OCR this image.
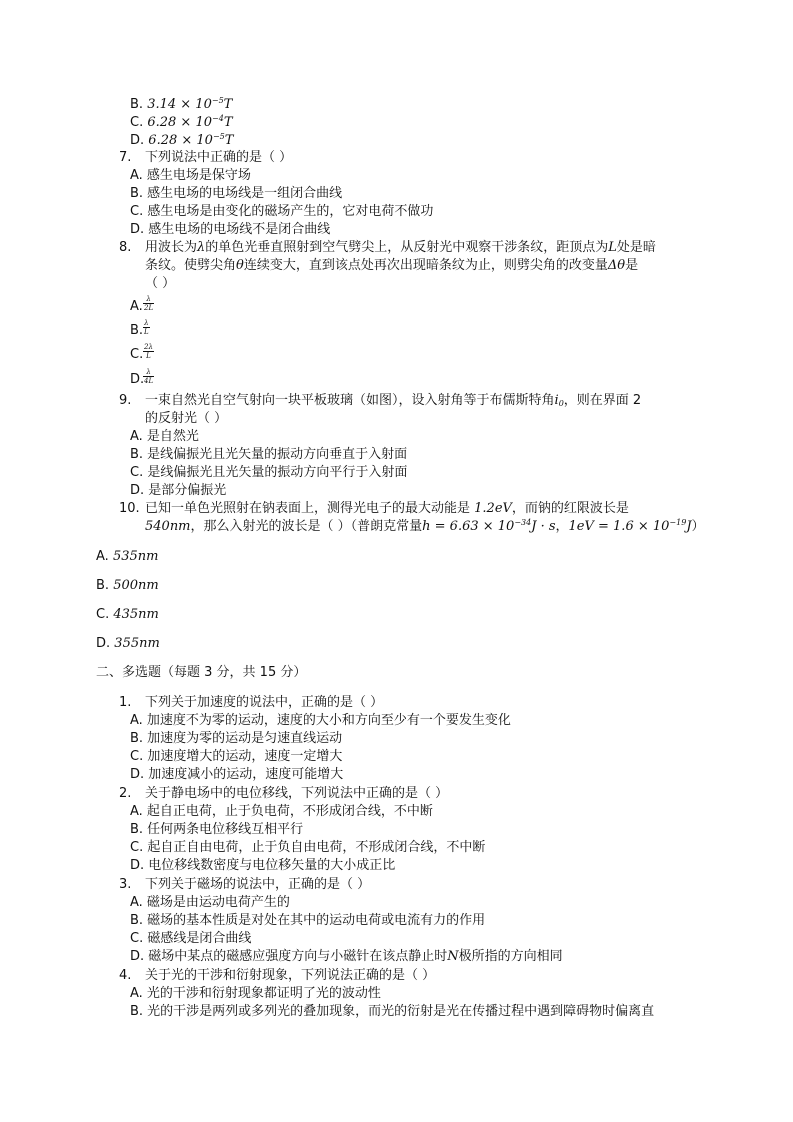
B. $3.14 \times 10^{-5}T$
C. $6.28 \times 10^{-4}T$
D. $6.28 \times 10^{-5}T$
7. 下列说法中正确的是（ ）
A. 感生电场是保守场
B. 感生电场的电场线是一组闭合曲线
C. 感生电场是由变化的磁场产生的，它对电荷不做功
D. 感生电场的电场线不是闭合曲线
8. 用波长为λ的单色光垂直照射到空气劈尖上，从反射光中观察干涉条纹，距顶点为L处是暗
条纹。使劈尖角θ连续变大，直到该点处再次出现暗条纹为止，则劈尖角的改变量Δθ是
（ ）
A. $\frac{\lambda}{2L}$
B. $\frac{\lambda}{L}$
C. $\frac{2\lambda}{L}$
D.
$\frac{\lambda}{4L}$
9. 一束自然光自空气射向一块平板玻璃（如图），设入射角等于布儒斯特角$i_0$，则在界面 2
的反射光（ ）
A. 是自然光
B. 是线偏振光且光矢量的振动方向垂直于入射面
C. 是线偏振光且光矢量的振动方向平行于入射面
D. 是部分偏振光
10. 已知一单色光照射在钠表面上，测得光电子的最大动能是 1.2eV，而钠的红限波长是
540nm，那么入射光的波长是（ ）（普朗克常量$h = 6.63 \times 10^{-34}J \cdot s$，$1eV = 1.6 \times 10^{-19}J$）
A. 535nm
B. 500nm
C. 435nm
D. 355nm
二、多选题（每题 3 分，共 15 分）
1. 下列关于加速度的说法中，正确的是（ ）
A. 加速度不为零的运动，速度的大小和方向至少有一个要发生变化
B. 加速度为零的运动是匀速直线运动
C. 加速度增大的运动，速度一定增大
D. 加速度减小的运动，速度可能增大
2. 关于静电场中的电位移线，下列说法中正确的是（ ）
A. 起自正电荷，止于负电荷，不形成闭合线，不中断
B. 任何两条电位移线互相平行
C. 起自正自由电荷，止于负自由电荷，不形成闭合线，不中断
D. 电位移线数密度与电位移矢量的大小成正比
3. 下列关于磁场的说法中，正确的是（ ）
A. 磁场是由运动电荷产生的
B. 磁场的基本性质是对处在其中的运动电荷或电流有力的作用
C. 磁感线是闭合曲线
D. 磁场中某点的磁感应强度方向与小磁针在该点静止时N极所指的方向相同
4. 关于光的干涉和衍射现象，下列说法正确的是（ ）
A. 光的干涉和衍射现象都证明了光的波动性
B. 光的干涉是两列或多列光的叠加现象，而光的衍射是光在传播过程中遇到障碍物时偏离直
